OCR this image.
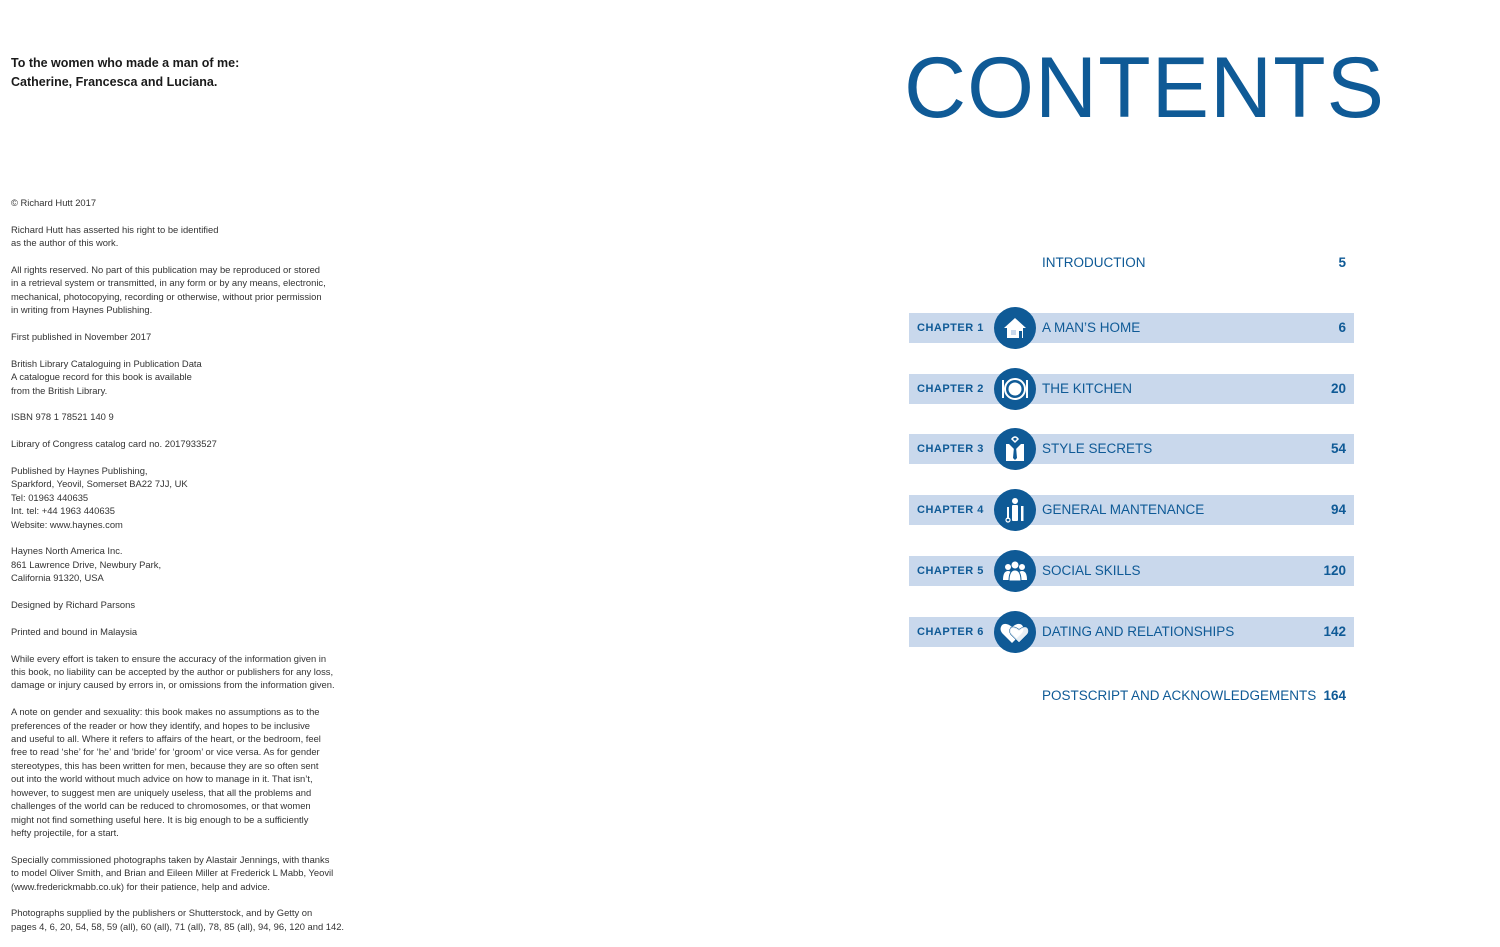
To the women who made a man of me:
Catherine, Francesca and Luciana.

© Richard Hutt 2017

Richard Hutt has asserted his right to be identified
as the author of this work.

All rights reserved. No part of this publication may be reproduced or stored
in a retrieval system or transmitted, in any form or by any means, electronic,
mechanical, photocopying, recording or otherwise, without prior permission
in writing from Haynes Publishing.

First published in November 2017

British Library Cataloguing in Publication Data
A catalogue record for this book is available
from the British Library.

ISBN 978 1 78521 140 9

Library of Congress catalog card no. 2017933527

Published by Haynes Publishing,
Sparkford, Yeovil, Somerset BA22 7JJ, UK
Tel: 01963 440635
Int. tel: +44 1963 440635
Website: www.haynes.com

Haynes North America Inc.
861 Lawrence Drive, Newbury Park,
California 91320, USA

Designed by Richard Parsons

Printed and bound in Malaysia

While every effort is taken to ensure the accuracy of the information given in
this book, no liability can be accepted by the author or publishers for any loss,
damage or injury caused by errors in, or omissions from the information given.

A note on gender and sexuality: this book makes no assumptions as to the
preferences of the reader or how they identify, and hopes to be inclusive
and useful to all. Where it refers to affairs of the heart, or the bedroom, feel
free to read ‘she’ for ‘he’ and ‘bride’ for ‘groom’ or vice versa. As for gender
stereotypes, this has been written for men, because they are so often sent
out into the world without much advice on how to manage in it. That isn’t,
however, to suggest men are uniquely useless, that all the problems and
challenges of the world can be reduced to chromosomes, or that women
might not find something useful here. It is big enough to be a sufficiently
hefty projectile, for a start.

Specially commissioned photographs taken by Alastair Jennings, with thanks
to model Oliver Smith, and Brian and Eileen Miller at Frederick L Mabb, Yeovil
(www.frederickmabb.co.uk) for their patience, help and advice.

Photographs supplied by the publishers or Shutterstock, and by Getty on
pages 4, 6, 20, 54, 58, 59 (all), 60 (all), 71 (all), 78, 85 (all), 94, 96, 120 and 142.

CONTENTS
INTRODUCTION	5
CHAPTER 1	A MAN’S HOME	6
CHAPTER 2	THE KITCHEN	20
CHAPTER 3	STYLE SECRETS	54
CHAPTER 4	GENERAL MANTENANCE	94
CHAPTER 5	SOCIAL SKILLS	120
CHAPTER 6	DATING AND RELATIONSHIPS	142
POSTSCRIPT AND ACKNOWLEDGEMENTS 164
